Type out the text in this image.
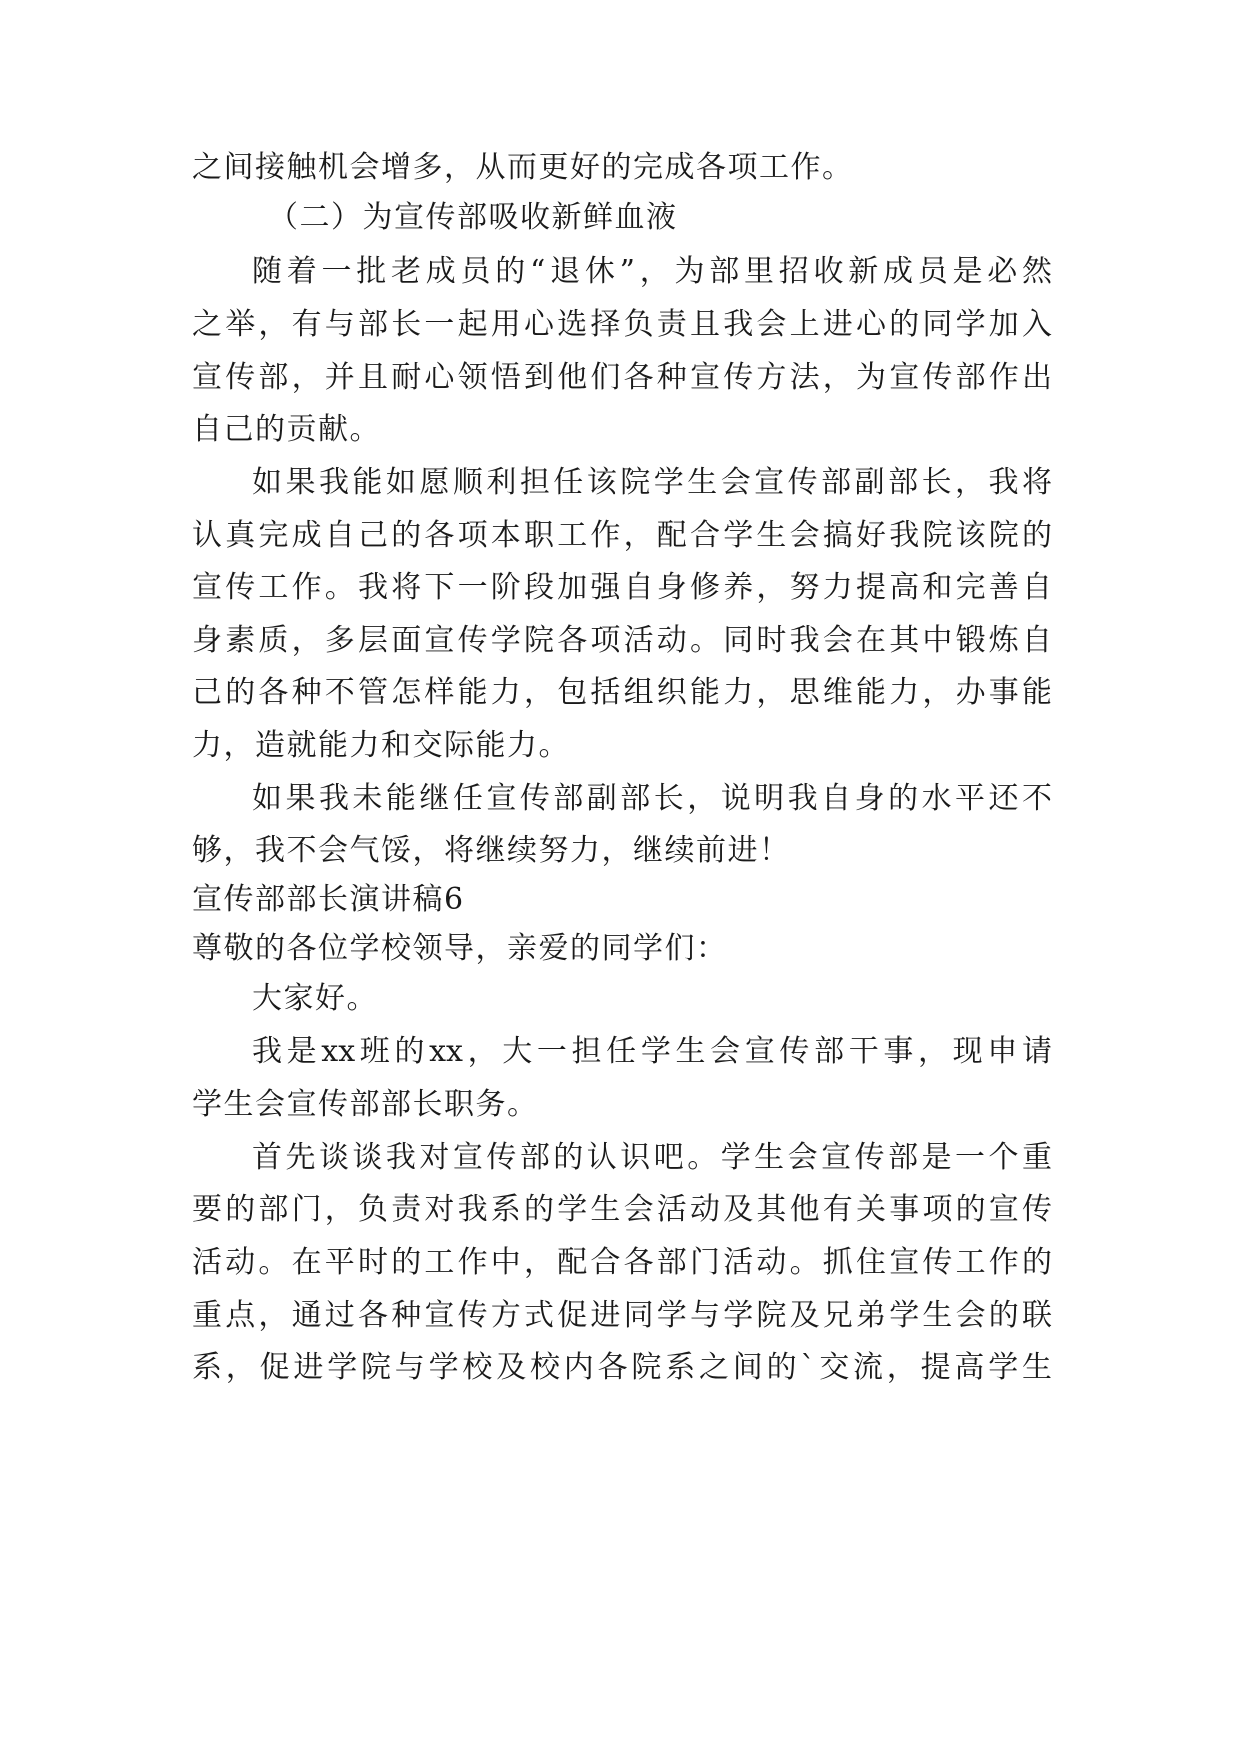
之间接触机会增多，从而更好的完成各项工作。
（二）为宣传部吸收新鲜血液
随着一批老成员的“退休”，为部里招收新成员是必然
之举，有与部长一起用心选择负责且我会上进心的同学加入
宣传部，并且耐心领悟到他们各种宣传方法，为宣传部作出
自己的贡献。
如果我能如愿顺利担任该院学生会宣传部副部长，我将
认真完成自己的各项本职工作，配合学生会搞好我院该院的
宣传工作。我将下一阶段加强自身修养，努力提高和完善自
身素质，多层面宣传学院各项活动。同时我会在其中锻炼自
己的各种不管怎样能力，包括组织能力，思维能力，办事能
力，造就能力和交际能力。
如果我未能继任宣传部副部长，说明我自身的水平还不
够，我不会气馁，将继续努力，继续前进！
宣传部部长演讲稿6
尊敬的各位学校领导，亲爱的同学们：
大家好。
我是xx班的xx，大一担任学生会宣传部干事，现申请
学生会宣传部部长职务。
首先谈谈我对宣传部的认识吧。学生会宣传部是一个重
要的部门，负责对我系的学生会活动及其他有关事项的宣传
活动。在平时的工作中，配合各部门活动。抓住宣传工作的
重点，通过各种宣传方式促进同学与学院及兄弟学生会的联
系，促进学院与学校及校内各院系之间的`交流，提高学生
